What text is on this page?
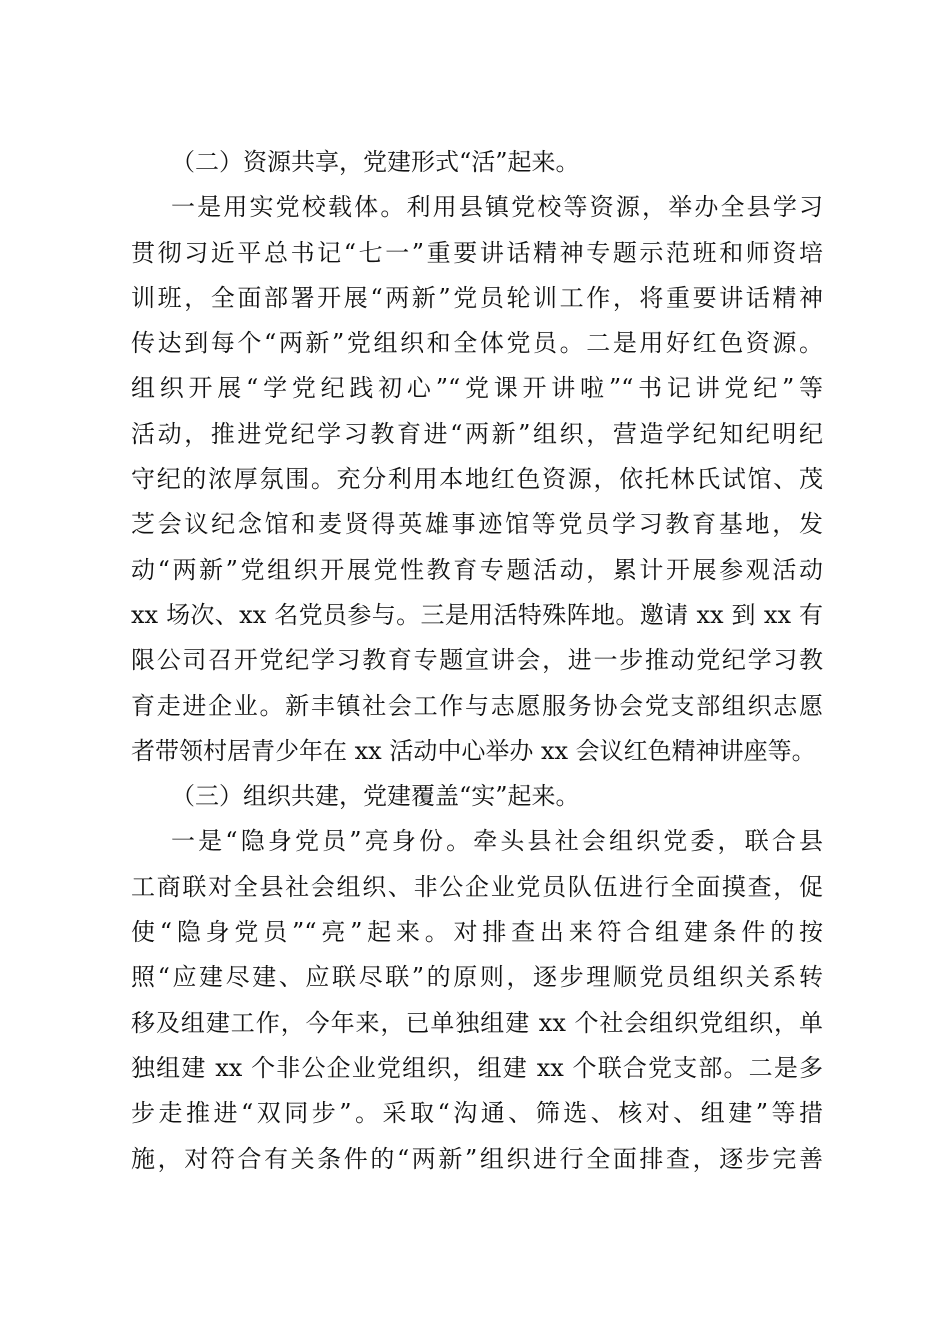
（二）资源共享，党建形式“活”起来。
一是用实党校载体。利用县镇党校等资源，举办全县学习
贯彻习近平总书记“七一”重要讲话精神专题示范班和师资培
训班，全面部署开展“两新”党员轮训工作，将重要讲话精神
传达到每个“两新”党组织和全体党员。二是用好红色资源。
组织开展“学党纪践初心”“党课开讲啦”“书记讲党纪”等
活动，推进党纪学习教育进“两新”组织，营造学纪知纪明纪
守纪的浓厚氛围。充分利用本地红色资源，依托林氏试馆、茂
芝会议纪念馆和麦贤得英雄事迹馆等党员学习教育基地，发
动“两新”党组织开展党性教育专题活动，累计开展参观活动
xx 场次、xx 名党员参与。三是用活特殊阵地。邀请 xx 到 xx 有
限公司召开党纪学习教育专题宣讲会，进一步推动党纪学习教
育走进企业。新丰镇社会工作与志愿服务协会党支部组织志愿
者带领村居青少年在 xx 活动中心举办 xx 会议红色精神讲座等。
（三）组织共建，党建覆盖“实”起来。
一是“隐身党员”亮身份。牵头县社会组织党委，联合县
工商联对全县社会组织、非公企业党员队伍进行全面摸查，促
使“隐身党员”“亮”起来。对排查出来符合组建条件的按
照“应建尽建、应联尽联”的原则，逐步理顺党员组织关系转
移及组建工作，今年来，已单独组建 xx 个社会组织党组织，单
独组建 xx 个非公企业党组织，组建 xx 个联合党支部。二是多
步走推进“双同步”。采取“沟通、筛选、核对、组建”等措
施，对符合有关条件的“两新”组织进行全面排查，逐步完善
